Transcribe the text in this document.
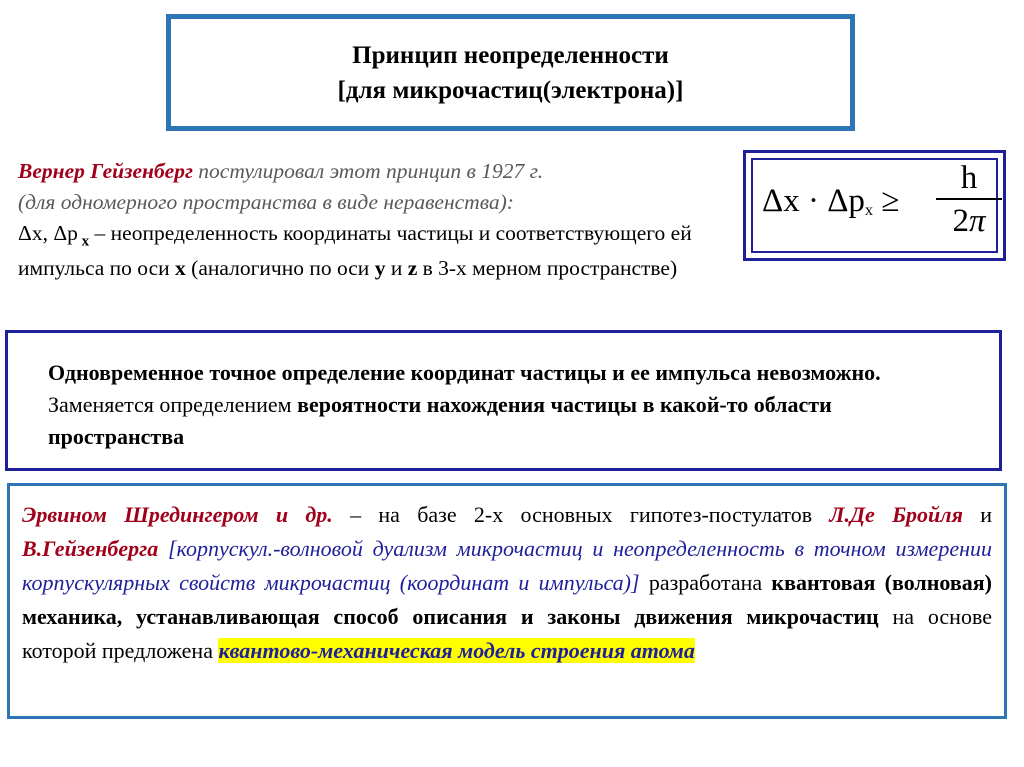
Принцип неопределенности
[для микрочастиц(электрона)]
Вернер Гейзенберг постулировал этот принцип в 1927 г.
(для одномерного пространства в виде неравенства):
Δx, Δp $_x$ – неопределенность координаты частицы и соответствующего ей импульса по оси x (аналогично по оси y и z в 3-х мерном пространстве)
$\Delta x \cdot \Delta p_x$ ≥
h
2π
Одновременное точное определение координат частицы и ее импульса невозможно. Заменяется определением вероятности нахождения частицы в какой-то области пространства
Эрвином Шредингером и др. – на базе 2-х основных гипотез-постулатов Л.Де Бройля и В.Гейзенберга [корпускул.-волновой дуализм микрочастиц и неопределенность в точном измерении корпускулярных свойств микрочастиц (координат и импульса)] разработана квантовая (волновая) механика, устанавливающая способ описания и законы движения микрочастиц на основе которой предложена квантово-механическая модель строения атома
